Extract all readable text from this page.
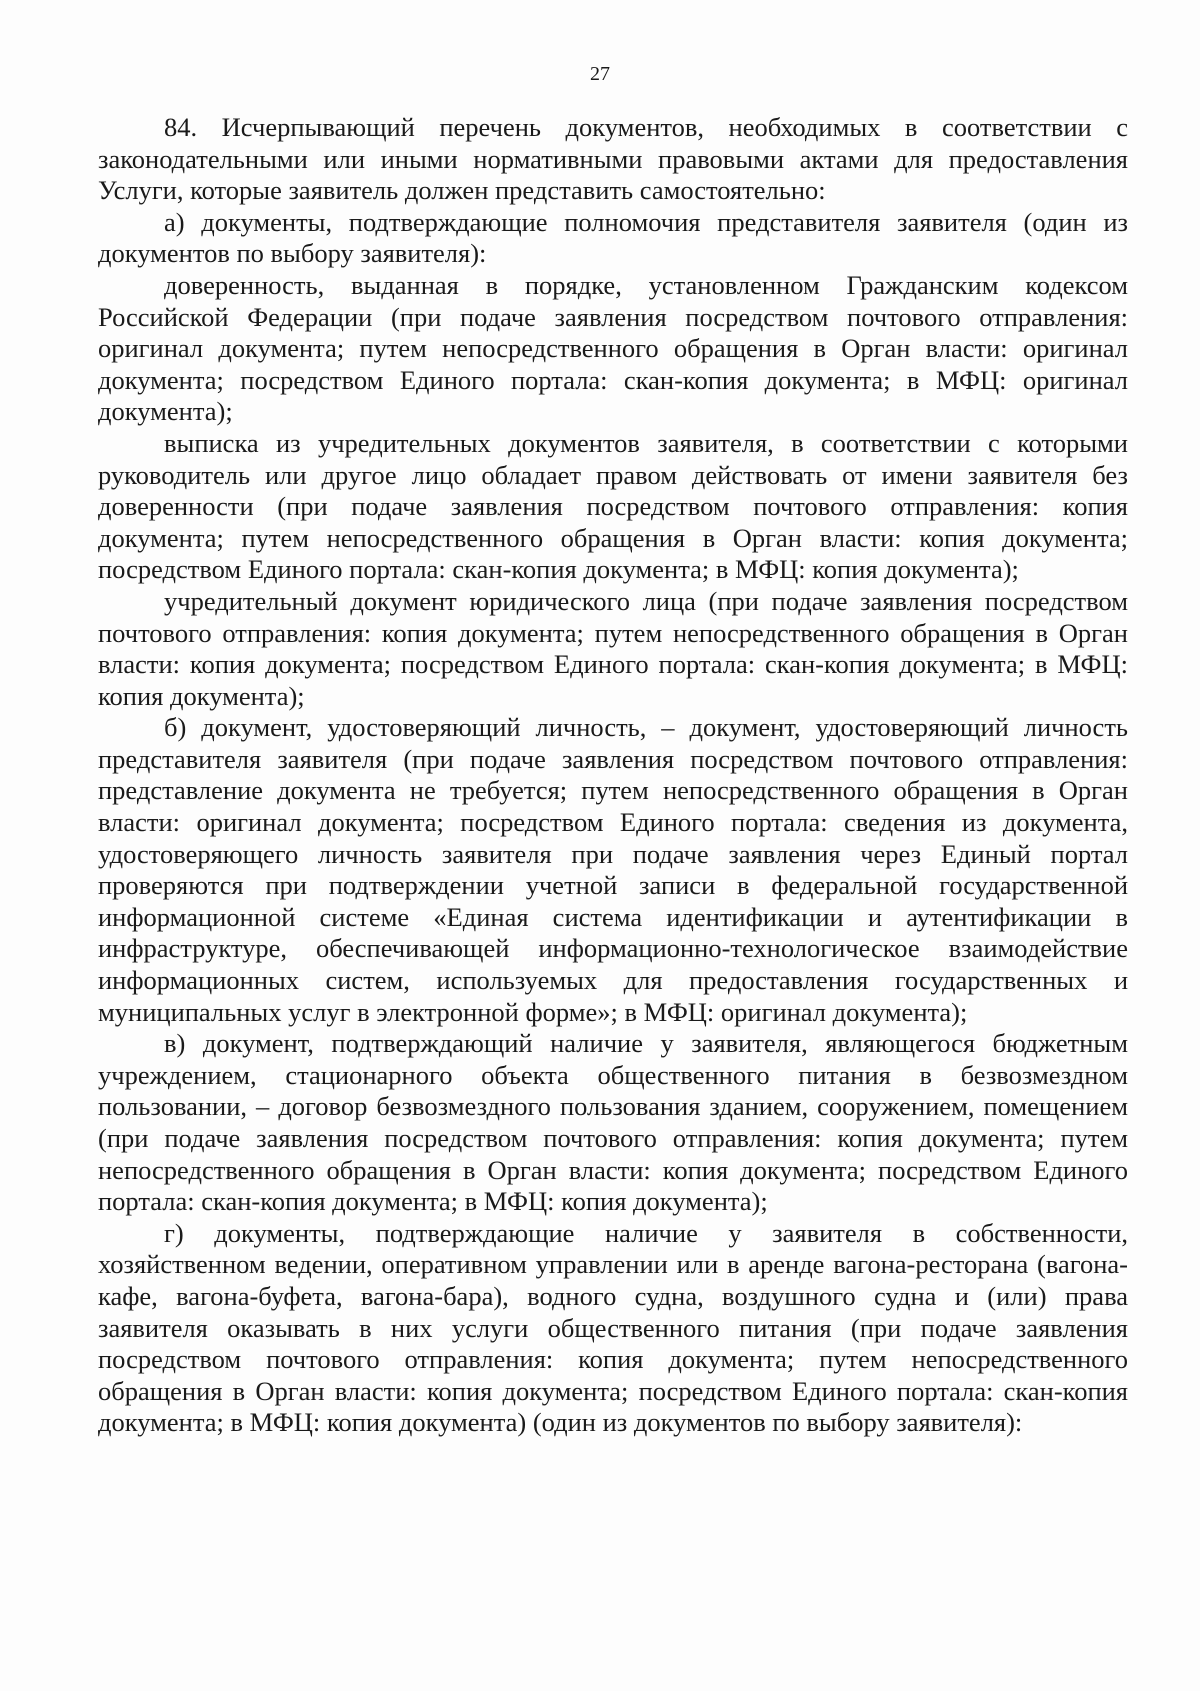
27

84. Исчерпывающий перечень документов, необходимых в соответствии с законодательными или иными нормативными правовыми актами для предоставления Услуги, которые заявитель должен представить самостоятельно:

а) документы, подтверждающие полномочия представителя заявителя (один из документов по выбору заявителя):

доверенность, выданная в порядке, установленном Гражданским кодексом Российской Федерации (при подаче заявления посредством почтового отправления: оригинал документа; путем непосредственного обращения в Орган власти: оригинал документа; посредством Единого портала: скан-копия документа; в МФЦ: оригинал документа);

выписка из учредительных документов заявителя, в соответствии с которыми руководитель или другое лицо обладает правом действовать от имени заявителя без доверенности (при подаче заявления посредством почтового отправления: копия документа; путем непосредственного обращения в Орган власти: копия документа; посредством Единого портала: скан-копия документа; в МФЦ: копия документа);

учредительный документ юридического лица (при подаче заявления посредством почтового отправления: копия документа; путем непосредственного обращения в Орган власти: копия документа; посредством Единого портала: скан-копия документа; в МФЦ: копия документа);

б) документ, удостоверяющий личность, – документ, удостоверяющий личность представителя заявителя (при подаче заявления посредством почтового отправления: представление документа не требуется; путем непосредственного обращения в Орган власти: оригинал документа; посредством Единого портала: сведения из документа, удостоверяющего личность заявителя при подаче заявления через Единый портал проверяются при подтверждении учетной записи в федеральной государственной информационной системе «Единая система идентификации и аутентификации в инфраструктуре, обеспечивающей информационно-технологическое взаимодействие информационных систем, используемых для предоставления государственных и муниципальных услуг в электронной форме»; в МФЦ: оригинал документа);

в) документ, подтверждающий наличие у заявителя, являющегося бюджетным учреждением, стационарного объекта общественного питания в безвозмездном пользовании, – договор безвозмездного пользования зданием, сооружением, помещением (при подаче заявления посредством почтового отправления: копия документа; путем непосредственного обращения в Орган власти: копия документа; посредством Единого портала: скан-копия документа; в МФЦ: копия документа);

г) документы, подтверждающие наличие у заявителя в собственности, хозяйственном ведении, оперативном управлении или в аренде вагона-ресторана (вагона-кафе, вагона-буфета, вагона-бара), водного судна, воздушного судна и (или) права заявителя оказывать в них услуги общественного питания (при подаче заявления посредством почтового отправления: копия документа; путем непосредственного обращения в Орган власти: копия документа; посредством Единого портала: скан-копия документа; в МФЦ: копия документа) (один из документов по выбору заявителя):
